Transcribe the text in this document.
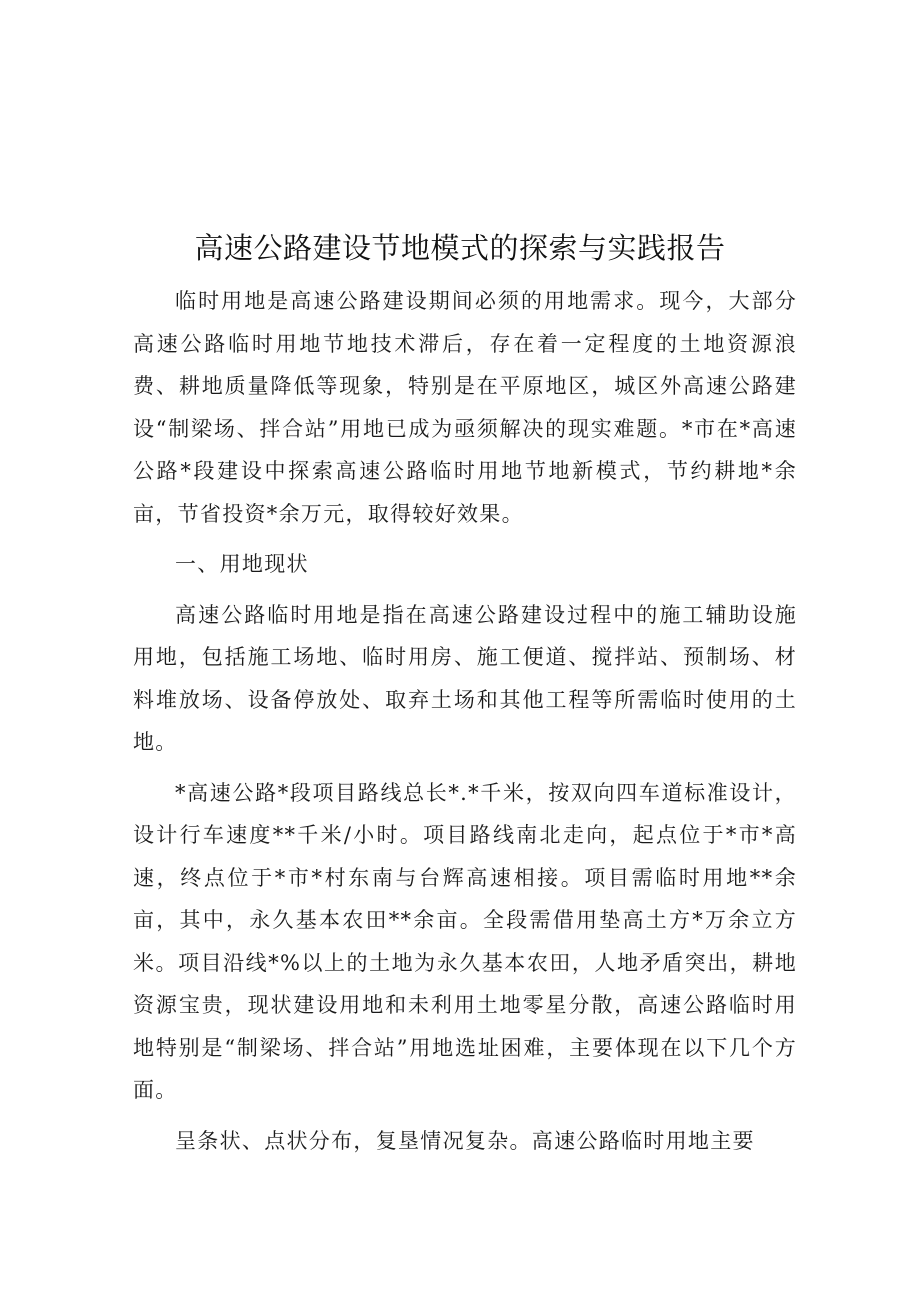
高速公路建设节地模式的探索与实践报告

临时用地是高速公路建设期间必须的用地需求。现今，大部分高速公路临时用地节地技术滞后，存在着一定程度的土地资源浪费、耕地质量降低等现象，特别是在平原地区，城区外高速公路建设“制梁场、拌合站”用地已成为亟须解决的现实难题。*市在*高速公路*段建设中探索高速公路临时用地节地新模式，节约耕地*余亩，节省投资*余万元，取得较好效果。

一、用地现状

高速公路临时用地是指在高速公路建设过程中的施工辅助设施用地，包括施工场地、临时用房、施工便道、搅拌站、预制场、材料堆放场、设备停放处、取弃土场和其他工程等所需临时使用的土地。

*高速公路*段项目路线总长*.*千米，按双向四车道标准设计，设计行车速度**千米/小时。项目路线南北走向，起点位于*市*高速，终点位于*市*村东南与台辉高速相接。项目需临时用地**余亩，其中，永久基本农田**余亩。全段需借用垫高土方*万余立方米。项目沿线*%以上的土地为永久基本农田，人地矛盾突出，耕地资源宝贵，现状建设用地和未利用土地零星分散，高速公路临时用地特别是“制梁场、拌合站”用地选址困难，主要体现在以下几个方面。

呈条状、点状分布，复垦情况复杂。高速公路临时用地主要
